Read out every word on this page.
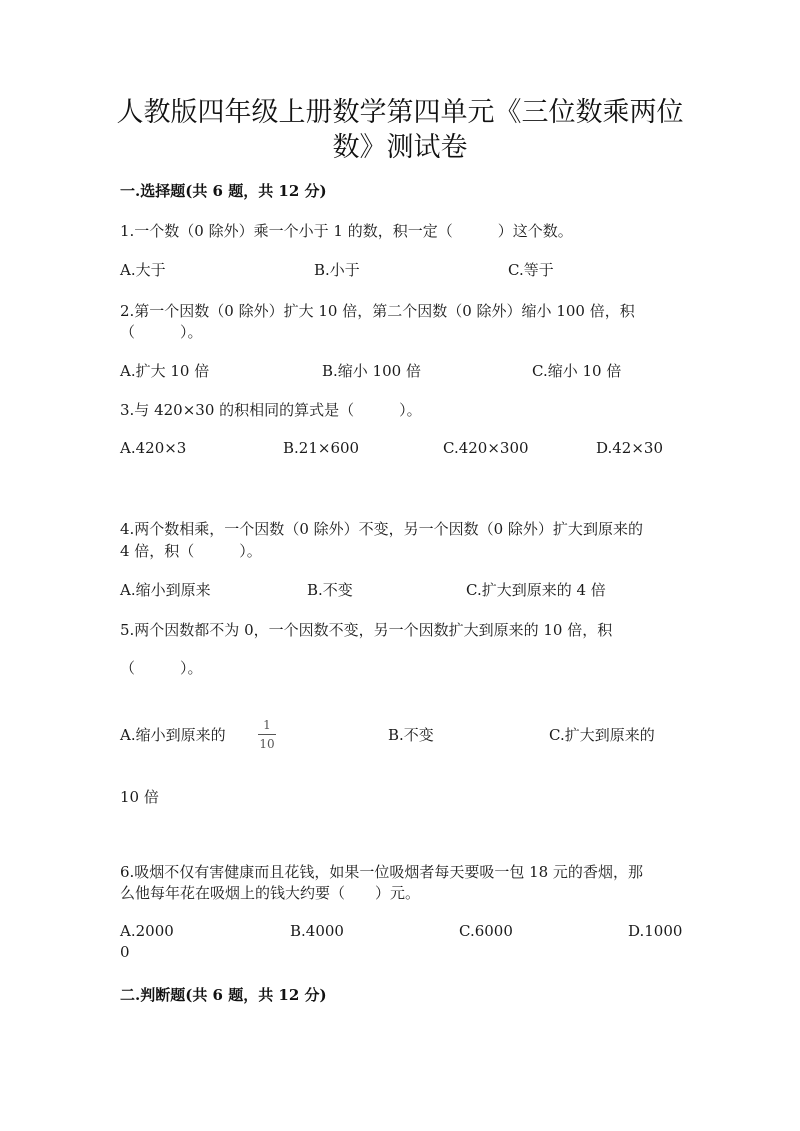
人教版四年级上册数学第四单元《三位数乘两位
数》测试卷
一.选择题(共 6 题，共 12 分)
1.一个数（0 除外）乘一个小于 1 的数，积一定（　　　）这个数。
A.大于	B.小于	C.等于
2.第一个因数（0 除外）扩大 10 倍，第二个因数（0 除外）缩小 100 倍，积
（　　　）。
A.扩大 10 倍	B.缩小 100 倍	C.缩小 10 倍
3.与 420×30 的积相同的算式是（　　　）。
A.420×3	B.21×600	C.420×300	D.42×30
4.两个数相乘，一个因数（0 除外）不变，另一个因数（0 除外）扩大到原来的
4 倍，积（　　　）。
A.缩小到原来	B.不变	C.扩大到原来的 4 倍
5.两个因数都不为 0，一个因数不变，另一个因数扩大到原来的 10 倍，积
（　　　）。
A.缩小到原来的
1
10	B.不变	C.扩大到原来的
10 倍
6.吸烟不仅有害健康而且花钱，如果一位吸烟者每天要吸一包 18 元的香烟，那
么他每年花在吸烟上的钱大约要（　　）元。
A.2000	B.4000	C.6000	D.1000
0
二.判断题(共 6 题，共 12 分)
